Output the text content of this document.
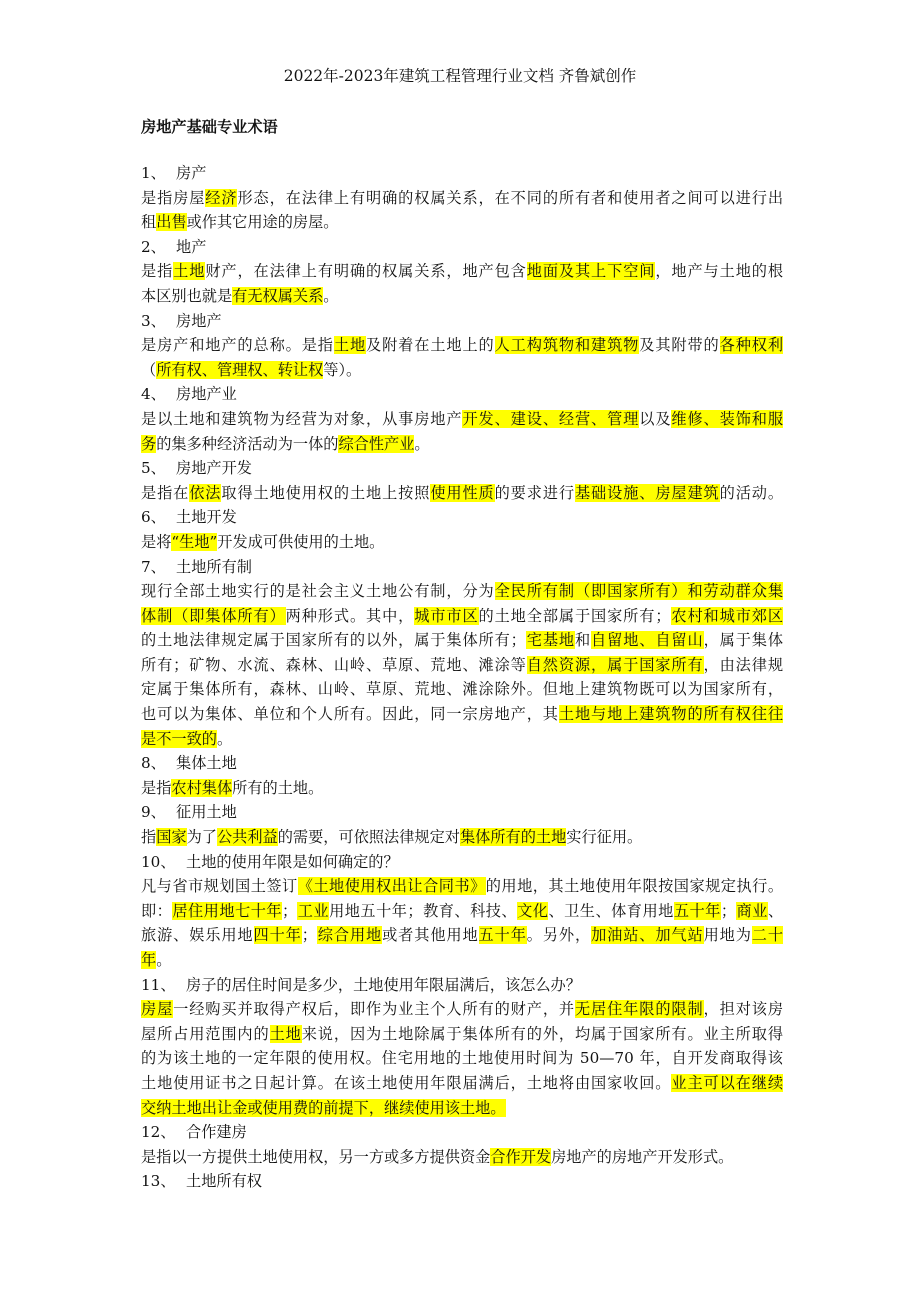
2022年-2023年建筑工程管理行业文档 齐鲁斌创作
房地产基础专业术语
1、 房产
是指房屋经济形态，在法律上有明确的权属关系，在不同的所有者和使用者之间可以进行出
租出售或作其它用途的房屋。
2、 地产
是指土地财产，在法律上有明确的权属关系，地产包含地面及其上下空间，地产与土地的根
本区别也就是有无权属关系。
3、 房地产
是房产和地产的总称。是指土地及附着在土地上的人工构筑物和建筑物及其附带的各种权利
（所有权、管理权、转让权等）。
4、 房地产业
是以土地和建筑物为经营为对象，从事房地产开发、建设、经营、管理以及维修、装饰和服
务的集多种经济活动为一体的综合性产业。
5、 房地产开发
是指在依法取得土地使用权的土地上按照使用性质的要求进行基础设施、房屋建筑的活动。
6、 土地开发
是将“生地”开发成可供使用的土地。
7、 土地所有制
现行全部土地实行的是社会主义土地公有制，分为全民所有制（即国家所有）和劳动群众集
体制（即集体所有）两种形式。其中，城市市区的土地全部属于国家所有；农村和城市郊区
的土地法律规定属于国家所有的以外，属于集体所有；宅基地和自留地、自留山，属于集体
所有；矿物、水流、森林、山岭、草原、荒地、滩涂等自然资源，属于国家所有，由法律规
定属于集体所有，森林、山岭、草原、荒地、滩涂除外。但地上建筑物既可以为国家所有，
也可以为集体、单位和个人所有。因此，同一宗房地产，其土地与地上建筑物的所有权往往
是不一致的。
8、 集体土地
是指农村集体所有的土地。
9、 征用土地
指国家为了公共利益的需要，可依照法律规定对集体所有的土地实行征用。
10、 土地的使用年限是如何确定的？
凡与省市规划国土签订《土地使用权出让合同书》的用地，其土地使用年限按国家规定执行。
即：居住用地七十年；工业用地五十年；教育、科技、文化、卫生、体育用地五十年；商业、
旅游、娱乐用地四十年；综合用地或者其他用地五十年。另外，加油站、加气站用地为二十
年。
11、 房子的居住时间是多少，土地使用年限届满后，该怎么办？
房屋一经购买并取得产权后，即作为业主个人所有的财产，并无居住年限的限制，担对该房
屋所占用范围内的土地来说，因为土地除属于集体所有的外，均属于国家所有。业主所取得
的为该土地的一定年限的使用权。住宅用地的土地使用时间为 50—70 年，自开发商取得该
土地使用证书之日起计算。在该土地使用年限届满后，土地将由国家收回。业主可以在继续
交纳土地出让金或使用费的前提下，继续使用该土地。
12、 合作建房
是指以一方提供土地使用权，另一方或多方提供资金合作开发房地产的房地产开发形式。
13、 土地所有权
